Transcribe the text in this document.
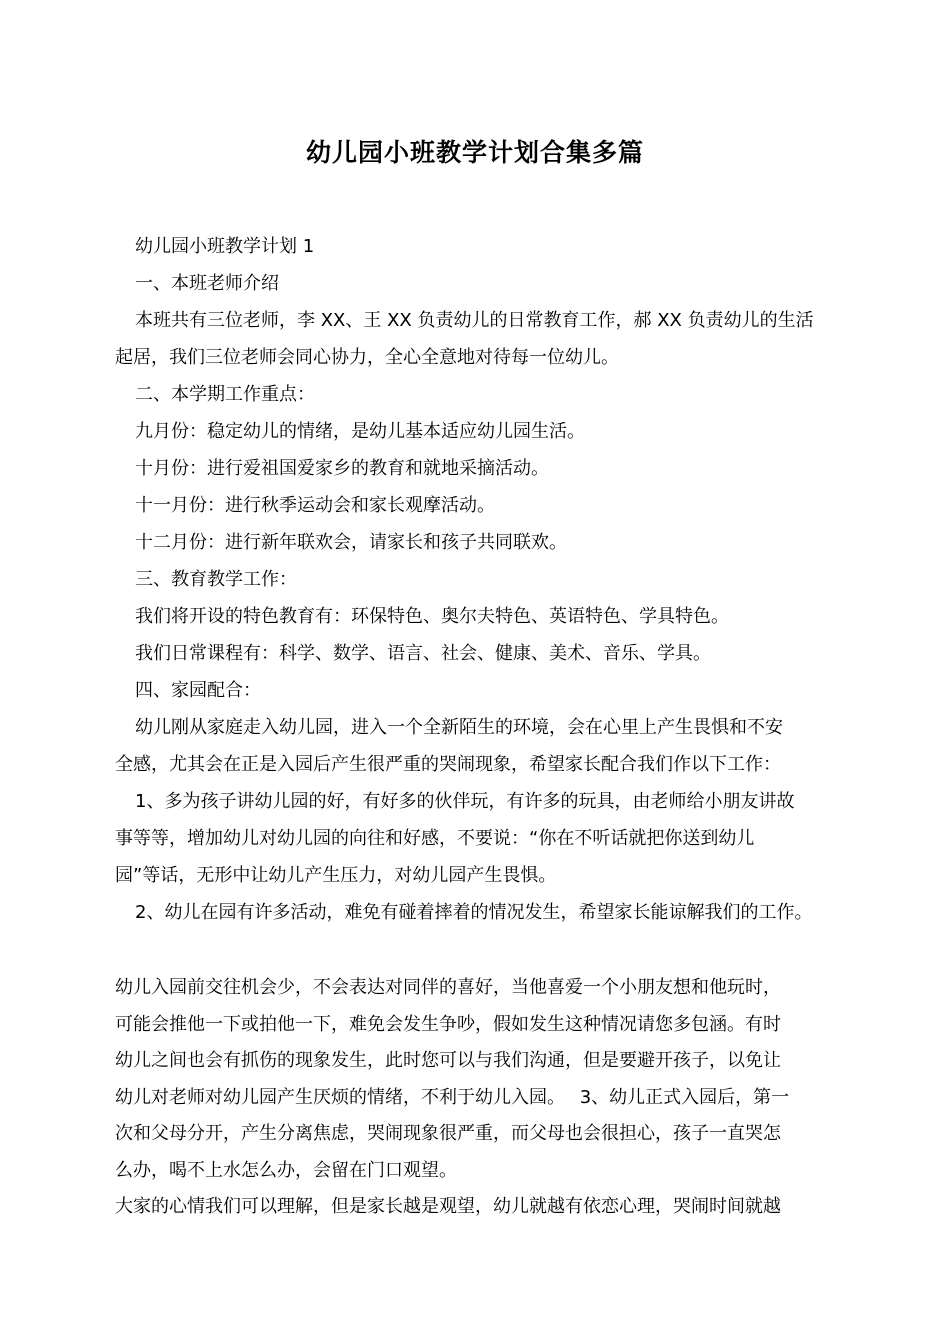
幼儿园小班教学计划合集多篇

幼儿园小班教学计划 1

一、本班老师介绍

本班共有三位老师，李 XX、王 XX 负责幼儿的日常教育工作，郝 XX 负责幼儿的生活

起居，我们三位老师会同心协力，全心全意地对待每一位幼儿。

二、本学期工作重点：

九月份：稳定幼儿的情绪，是幼儿基本适应幼儿园生活。

十月份：进行爱祖国爱家乡的教育和就地采摘活动。

十一月份：进行秋季运动会和家长观摩活动。

十二月份：进行新年联欢会，请家长和孩子共同联欢。

三、教育教学工作：

我们将开设的特色教育有：环保特色、奥尔夫特色、英语特色、学具特色。

我们日常课程有：科学、数学、语言、社会、健康、美术、音乐、学具。

四、家园配合：

幼儿刚从家庭走入幼儿园，进入一个全新陌生的环境，会在心里上产生畏惧和不安

全感，尤其会在正是入园后产生很严重的哭闹现象，希望家长配合我们作以下工作：

1、多为孩子讲幼儿园的好，有好多的伙伴玩，有许多的玩具，由老师给小朋友讲故

事等等，增加幼儿对幼儿园的向往和好感，不要说：“你在不听话就把你送到幼儿

园”等话，无形中让幼儿产生压力，对幼儿园产生畏惧。

2、幼儿在园有许多活动，难免有碰着摔着的情况发生，希望家长能谅解我们的工作。

幼儿入园前交往机会少，不会表达对同伴的喜好，当他喜爱一个小朋友想和他玩时，

可能会推他一下或拍他一下，难免会发生争吵，假如发生这种情况请您多包涵。有时

幼儿之间也会有抓伤的现象发生，此时您可以与我们沟通，但是要避开孩子，以免让

幼儿对老师对幼儿园产生厌烦的情绪，不利于幼儿入园。　 3、幼儿正式入园后，第一

次和父母分开，产生分离焦虑，哭闹现象很严重，而父母也会很担心，孩子一直哭怎

么办，喝不上水怎么办，会留在门口观望。

大家的心情我们可以理解，但是家长越是观望，幼儿就越有依恋心理，哭闹时间就越
